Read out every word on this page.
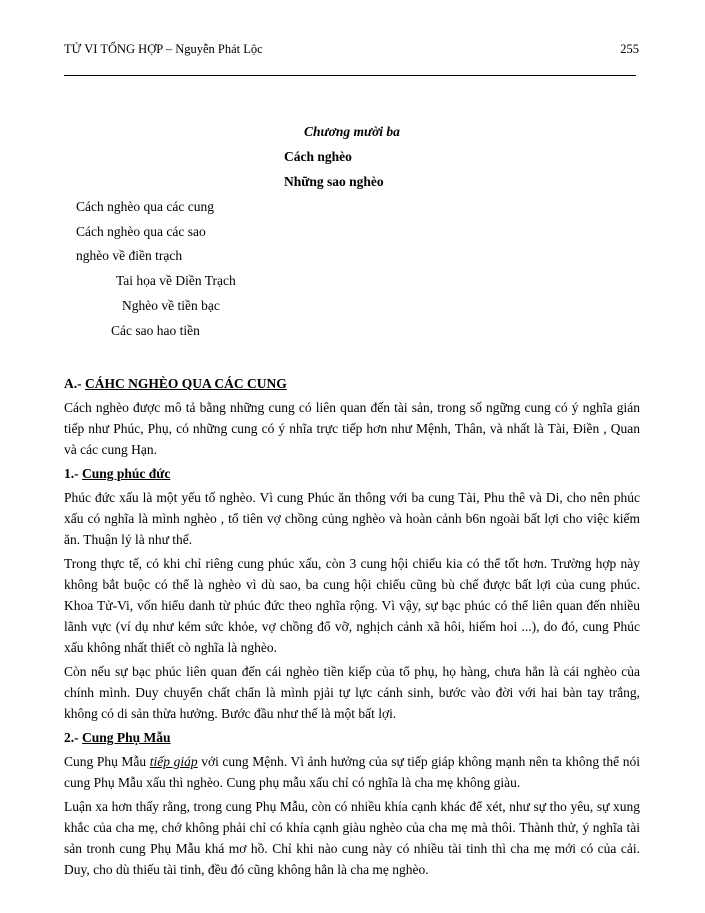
TỬ VI TỔNG HỢP – Nguyễn Phát Lộc	255
Chương mười ba
Cách nghèo
Những sao nghèo
Cách nghèo qua các cung
Cách nghèo qua các sao
nghèo về điền trạch
Tai họa về Diền Trạch
Nghèo về tiền bạc
Các sao hao tiền
A.- CÁHC NGHÈO QUA CÁC CUNG

Cách nghèo được mô tả bằng những cung có liên quan đến tài sản, trong số ngững cung có ý nghĩa gián tiếp như Phúc, Phụ, có những cung có ý nhĩa trực tiếp hơn như Mệnh, Thân, và nhất là Tài, Điền , Quan và các cung Hạn.

1.- Cung phúc đức

Phúc đức xấu là một yếu tố nghèo. Vì cung Phúc ăn thông với ba cung Tài, Phu thê và Di, cho nên phúc xấu có nghĩa là mình nghèo , tổ tiên vợ chồng củng nghèo và hoàn cảnh b6n ngoài bất lợi cho việc kiếm ăn. Thuận lý là như thế.

Trong thực tế, có khi chỉ riêng cung phúc xấu, còn 3 cung hội chiếu kia có thể tốt hơn. Trường hợp này không bắt buộc có thể là nghèo vì dù sao, ba cung hội chiếu cũng bù chế được bất lợi của cung phúc. Khoa Tử-Vi, vốn hiểu danh từ phúc đức theo nghĩa rộng. Vì vậy, sự bạc phúc có thể liên quan đến nhiều lãnh vực (ví dụ như kém sức khỏe, vợ chồng đổ vỡ, nghịch cảnh xã hôi, hiếm hoi ...), do đó, cung Phúc xấu không nhất thiết cò nghĩa là nghèo.

Còn nếu sự bạc phúc liên quan đến cái nghèo tiền kiếp của tổ phụ, họ hàng, chưa hẳn là cái nghèo của chính mình. Duy chuyển chất chẩn là mình pjải tự lực cánh sinh, bước vào đời với hai bàn tay trắng, không có di sản thừa hưởng. Bước đầu như thế là một bất lợi.

2.- Cung Phụ Mẫu

Cung Phụ Mẫu tiếp giáp với cung Mệnh. Vì ảnh hưởng của sự tiếp giáp không mạnh nên ta không thể nói cung Phụ Mẫu xấu thì nghèo. Cung phụ mẫu xấu chỉ có nghĩa là cha mẹ không giàu.

Luận xa hơn thấy rằng, trong cung Phụ Mẫu, còn có nhiều khía cạnh khác để xét, như sự tho yêu, sự xung khắc của cha mẹ, chớ không phải chỉ có khía cạnh giàu nghèo của cha mẹ mà thôi. Thành thử, ý nghĩa tài sản tronh cung Phụ Mẫu khá mơ hồ. Chỉ khi nào cung này có nhiều tài tinh thì cha mẹ mới có của cải. Duy, cho dù thiếu tài tinh, đều đó cũng không hẳn là cha mẹ nghèo.
